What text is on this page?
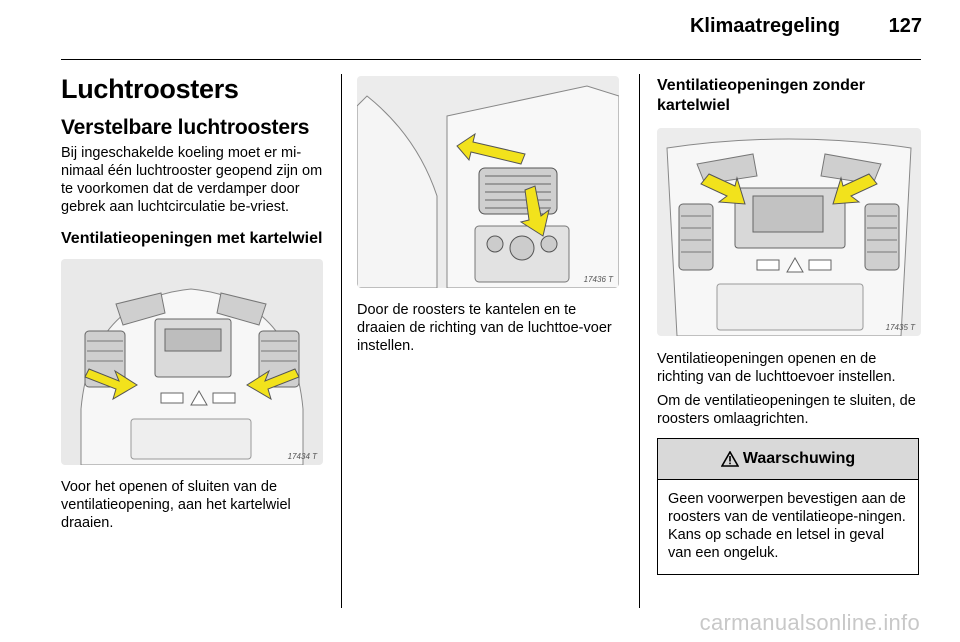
Klimaatregeling 127
Luchtroosters
Verstelbare luchtroosters

Bij ingeschakelde koeling moet er mi-nimaal één luchtrooster geopend zijn om te voorkomen dat de verdamper door gebrek aan luchtcirculatie be-vriest.

Ventilatieopeningen met kartelwiel
17434 T

Voor het openen of sluiten van de ventilatieopening, aan het kartelwiel draaien.

17436 T

Door de roosters te kantelen en te draaien de richting van de luchttoe-voer instellen.

Ventilatieopeningen zonder kartelwiel
17435 T

Ventilatieopeningen openen en de richting van de luchttoevoer instellen.

Om de ventilatieopeningen te sluiten, de roosters omlaagrichten.

Waarschuwing

Geen voorwerpen bevestigen aan de roosters van de ventilatieope-ningen. Kans op schade en letsel in geval van een ongeluk.

carmanualsonline.info
